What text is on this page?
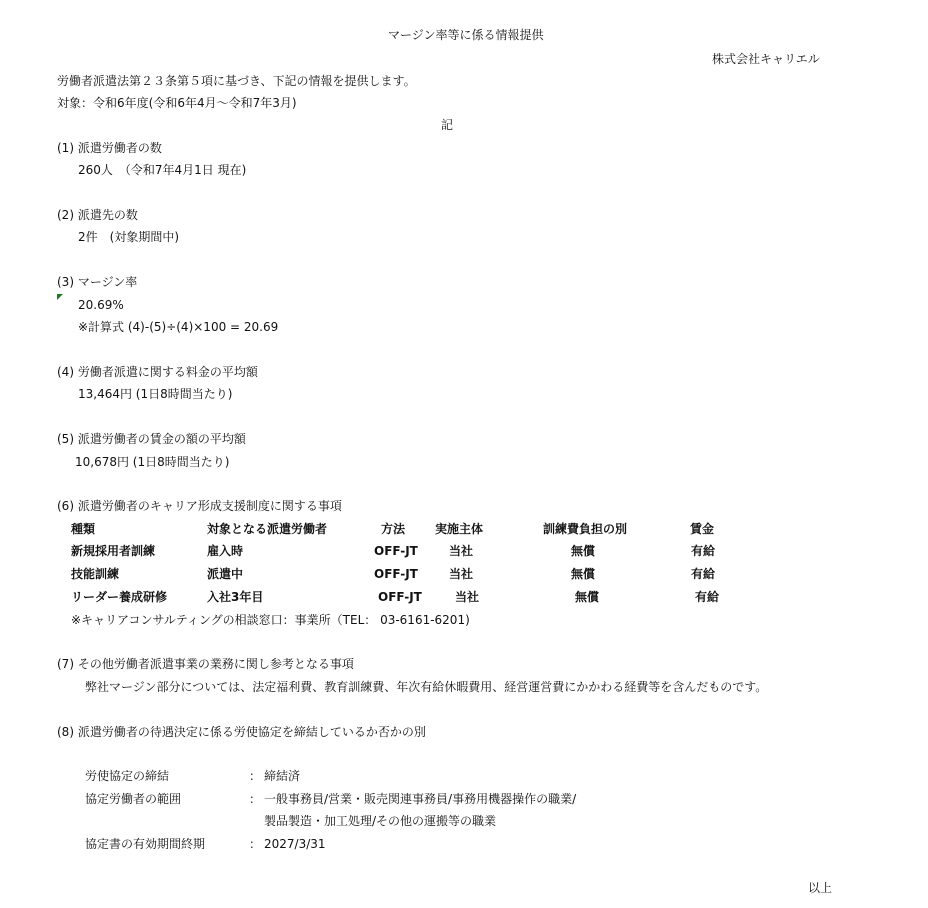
マージン率等に係る情報提供
株式会社キャリエル
労働者派遣法第２３条第５項に基づき、下記の情報を提供します。
対象：令和6年度(令和6年4月～令和7年3月)
記
(1) 派遣労働者の数
260人　（令和7年4月1日 現在)
(2) 派遣先の数
2件　(対象期間中)
(3) マージン率
20.69%
※計算式 (4)-(5)÷(4)×100 = 20.69
(4) 労働者派遣に関する料金の平均額
13,464円 (1日8時間当たり)
(5) 派遣労働者の賃金の額の平均額
10,678円 (1日8時間当たり)
(6) 派遣労働者のキャリア形成支援制度に関する事項
種類	対象となる派遣労働者	方法 実施主体	訓練費負担の別	賃金
新規採用者訓練	雇入時	OFF-JT	当社	無償	有給
技能訓練	派遣中	OFF-JT	当社	無償	有給
リーダー養成研修	入社3年目	OFF-JT	当社	無償	有給
※キャリアコンサルティングの相談窓口：事業所（TEL： 03-6161-6201)
(7) その他労働者派遣事業の業務に関し参考となる事項
弊社マージン部分については、法定福利費、教育訓練費、年次有給休暇費用、経営運営費にかかわる経費等を含んだものです。
(8) 派遣労働者の待遇決定に係る労使協定を締結しているか否かの別
労使協定の締結	： 締結済
協定労働者の範囲	： 一般事務員/営業・販売関連事務員/事務用機器操作の職業/
製品製造・加工処理/その他の運搬等の職業
協定書の有効期間終期	： 2027/3/31
以上
